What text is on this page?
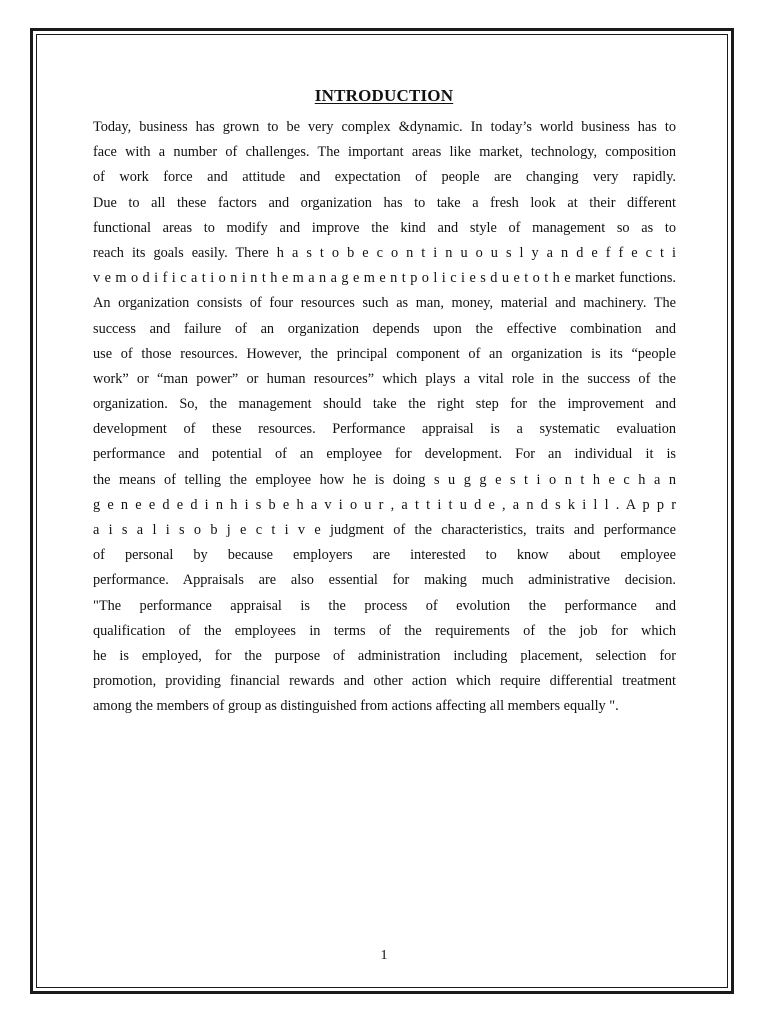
INTRODUCTION
Today, business has grown to be very complex &dynamic. In today’s world business has to
face with a number of challenges. The important areas like market, technology, composition
of work force and attitude and expectation of people are changing very rapidly.
Due to all these factors and organization has to take a fresh look at their different
functional areas to modify and improve the kind and style of management so as to
reach its goals easily. There h a s t o b e c o n t i n u o u s l y a n d e f f e c t i
v e m o d i f i c a t i o n i n t h e m a n a g e m e n t p o l i c i e s d u e t o t h e market functions.
An organization consists of four resources such as man, money, material and machinery. The
success and failure of an organization depends upon the effective combination and
use of those resources. However, the principal component of an organization is its “people
work” or “man power” or human resources” which plays a vital role in the success of the
organization. So, the management should take the right step for the improvement and
development of these resources. Performance appraisal is a systematic evaluation
performance and potential of an employee for development. For an individual it is
the means of telling the employee how he is doing s u g g e s t i o n t h e c h a n
g e n e e d e d i n h i s b e h a v i o u r , a t t i t u d e , a n d s k i l l . A p p r
a i s a l i s o b j e c t i v e judgment of the characteristics, traits and performance
of personal by because employers are interested to know about employee
performance. Appraisals are also essential for making much administrative decision.
"The performance appraisal is the process of evolution the performance and
qualification of the employees in terms of the requirements of the job for which
he is employed, for the purpose of administration including placement, selection for
promotion, providing financial rewards and other action which require differential treatment
among the members of group as distinguished from actions affecting all members equally ".
1
